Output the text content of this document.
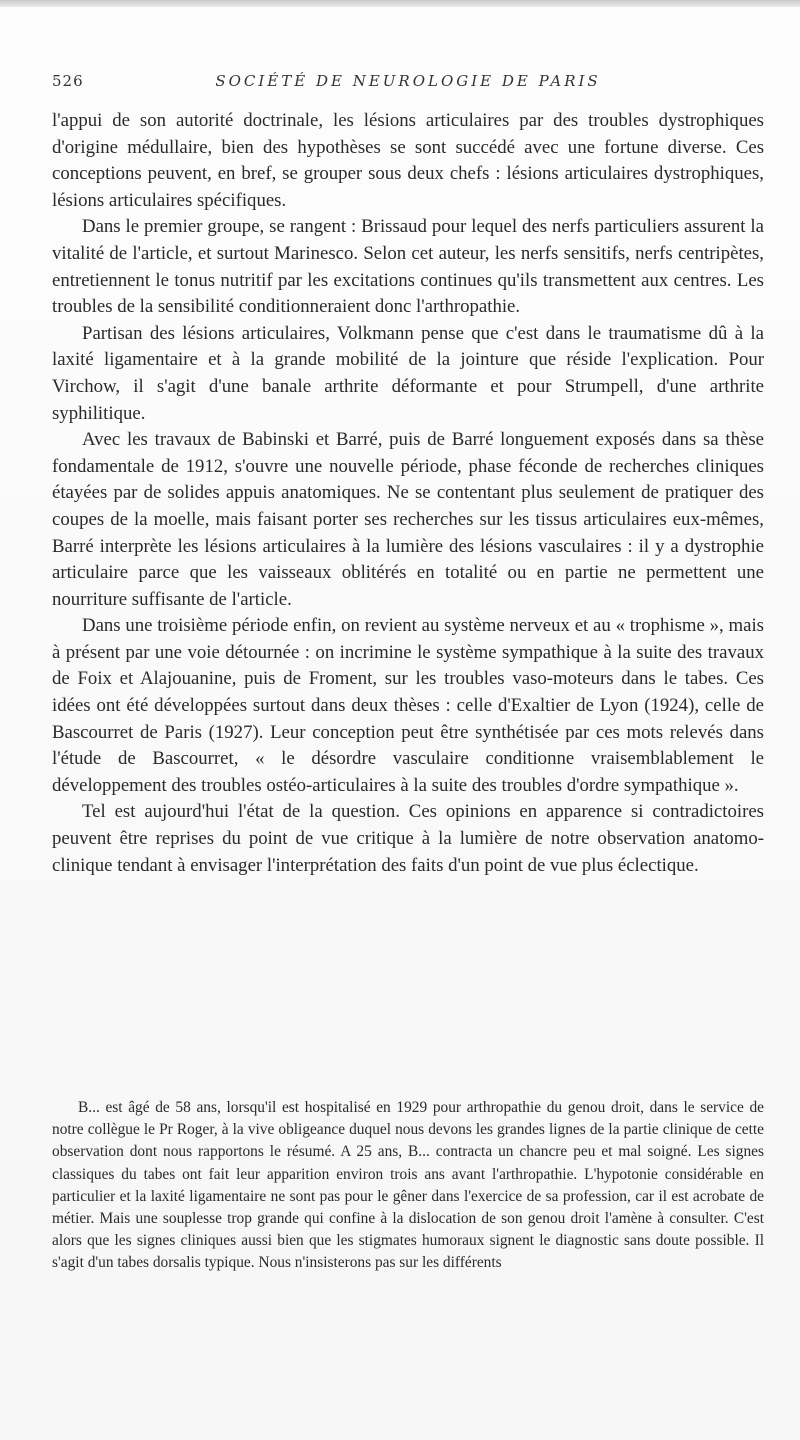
526	SOCIÉTÉ DE NEUROLOGIE DE PARIS

l'appui de son autorité doctrinale, les lésions articulaires par des troubles dystrophiques d'origine médullaire, bien des hypothèses se sont succédé avec une fortune diverse. Ces conceptions peuvent, en bref, se grouper sous deux chefs : lésions articulaires dystrophiques, lésions articulaires spécifiques.

Dans le premier groupe, se rangent : Brissaud pour lequel des nerfs particuliers assurent la vitalité de l'article, et surtout Marinesco. Selon cet auteur, les nerfs sensitifs, nerfs centripètes, entretiennent le tonus nutritif par les excitations continues qu'ils transmettent aux centres. Les troubles de la sensibilité conditionneraient donc l'arthropathie.

Partisan des lésions articulaires, Volkmann pense que c'est dans le traumatisme dû à la laxité ligamentaire et à la grande mobilité de la jointure que réside l'explication. Pour Virchow, il s'agit d'une banale arthrite déformante et pour Strumpell, d'une arthrite syphilitique.

Avec les travaux de Babinski et Barré, puis de Barré longuement exposés dans sa thèse fondamentale de 1912, s'ouvre une nouvelle période, phase féconde de recherches cliniques étayées par de solides appuis anatomiques. Ne se contentant plus seulement de pratiquer des coupes de la moelle, mais faisant porter ses recherches sur les tissus articulaires eux-mêmes, Barré interprète les lésions articulaires à la lumière des lésions vasculaires : il y a dystrophie articulaire parce que les vaisseaux oblitérés en totalité ou en partie ne permettent une nourriture suffisante de l'article.

Dans une troisième période enfin, on revient au système nerveux et au « trophisme », mais à présent par une voie détournée : on incrimine le système sympathique à la suite des travaux de Foix et Alajouanine, puis de Froment, sur les troubles vaso-moteurs dans le tabes. Ces idées ont été développées surtout dans deux thèses : celle d'Exaltier de Lyon (1924), celle de Bascourret de Paris (1927). Leur conception peut être synthétisée par ces mots relevés dans l'étude de Bascourret, « le désordre vasculaire conditionne vraisemblablement le développement des troubles ostéo-articulaires à la suite des troubles d'ordre sympathique ».

Tel est aujourd'hui l'état de la question. Ces opinions en apparence si contradictoires peuvent être reprises du point de vue critique à la lumière de notre observation anatomo-clinique tendant à envisager l'interprétation des faits d'un point de vue plus éclectique.

B... est âgé de 58 ans, lorsqu'il est hospitalisé en 1929 pour arthropathie du genou droit, dans le service de notre collègue le Pr Roger, à la vive obligeance duquel nous devons les grandes lignes de la partie clinique de cette observation dont nous rapportons le résumé. A 25 ans, B... contracta un chancre peu et mal soigné. Les signes classiques du tabes ont fait leur apparition environ trois ans avant l'arthropathie. L'hypotonie considérable en particulier et la laxité ligamentaire ne sont pas pour le gêner dans l'exercice de sa profession, car il est acrobate de métier. Mais une souplesse trop grande qui confine à la dislocation de son genou droit l'amène à consulter. C'est alors que les signes cliniques aussi bien que les stigmates humoraux signent le diagnostic sans doute possible. Il s'agit d'un tabes dorsalis typique. Nous n'insisterons pas sur les différents
